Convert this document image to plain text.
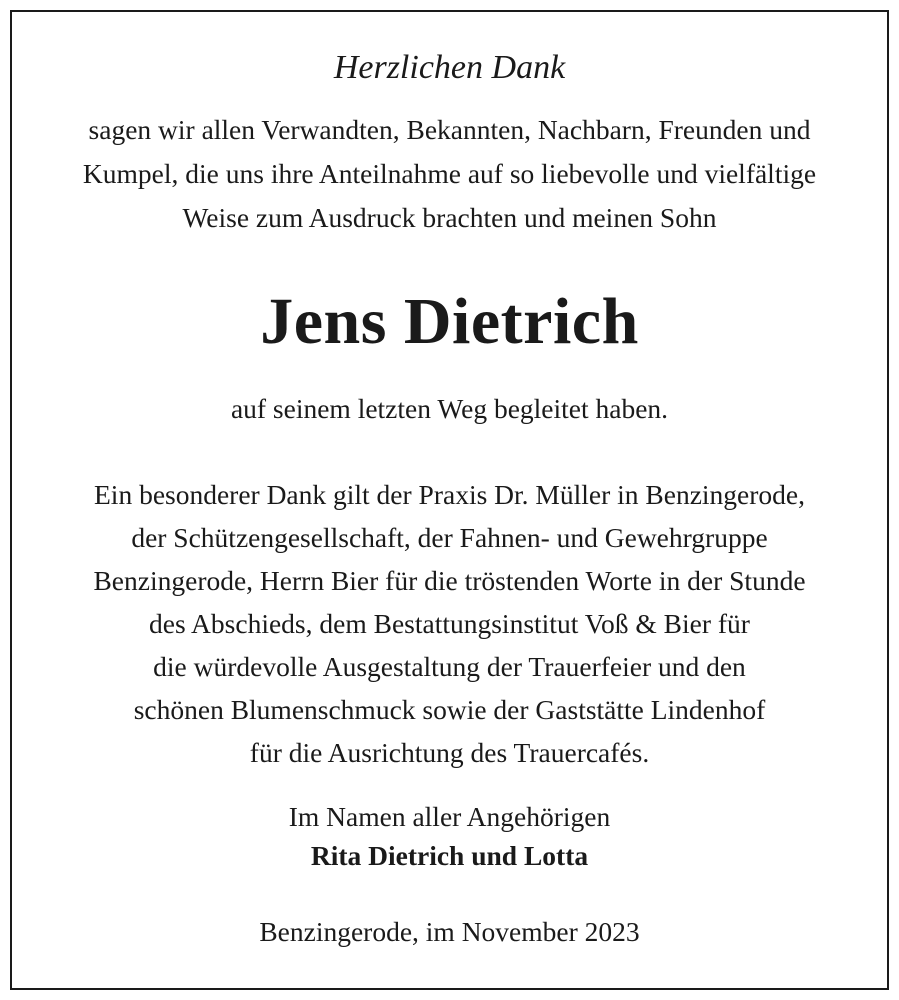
Herzlichen Dank
sagen wir allen Verwandten, Bekannten, Nachbarn, Freunden und
Kumpel, die uns ihre Anteilnahme auf so liebevolle und vielfältige
Weise zum Ausdruck brachten und meinen Sohn
Jens Dietrich
auf seinem letzten Weg begleitet haben.
Ein besonderer Dank gilt der Praxis Dr. Müller in Benzingerode,
der Schützengesellschaft, der Fahnen- und Gewehrgruppe
Benzingerode, Herrn Bier für die tröstenden Worte in der Stunde
des Abschieds, dem Bestattungsinstitut Voß & Bier für
die würdevolle Ausgestaltung der Trauerfeier und den
schönen Blumenschmuck sowie der Gaststätte Lindenhof
für die Ausrichtung des Trauercafés.
Im Namen aller Angehörigen
Rita Dietrich und Lotta
Benzingerode, im November 2023
